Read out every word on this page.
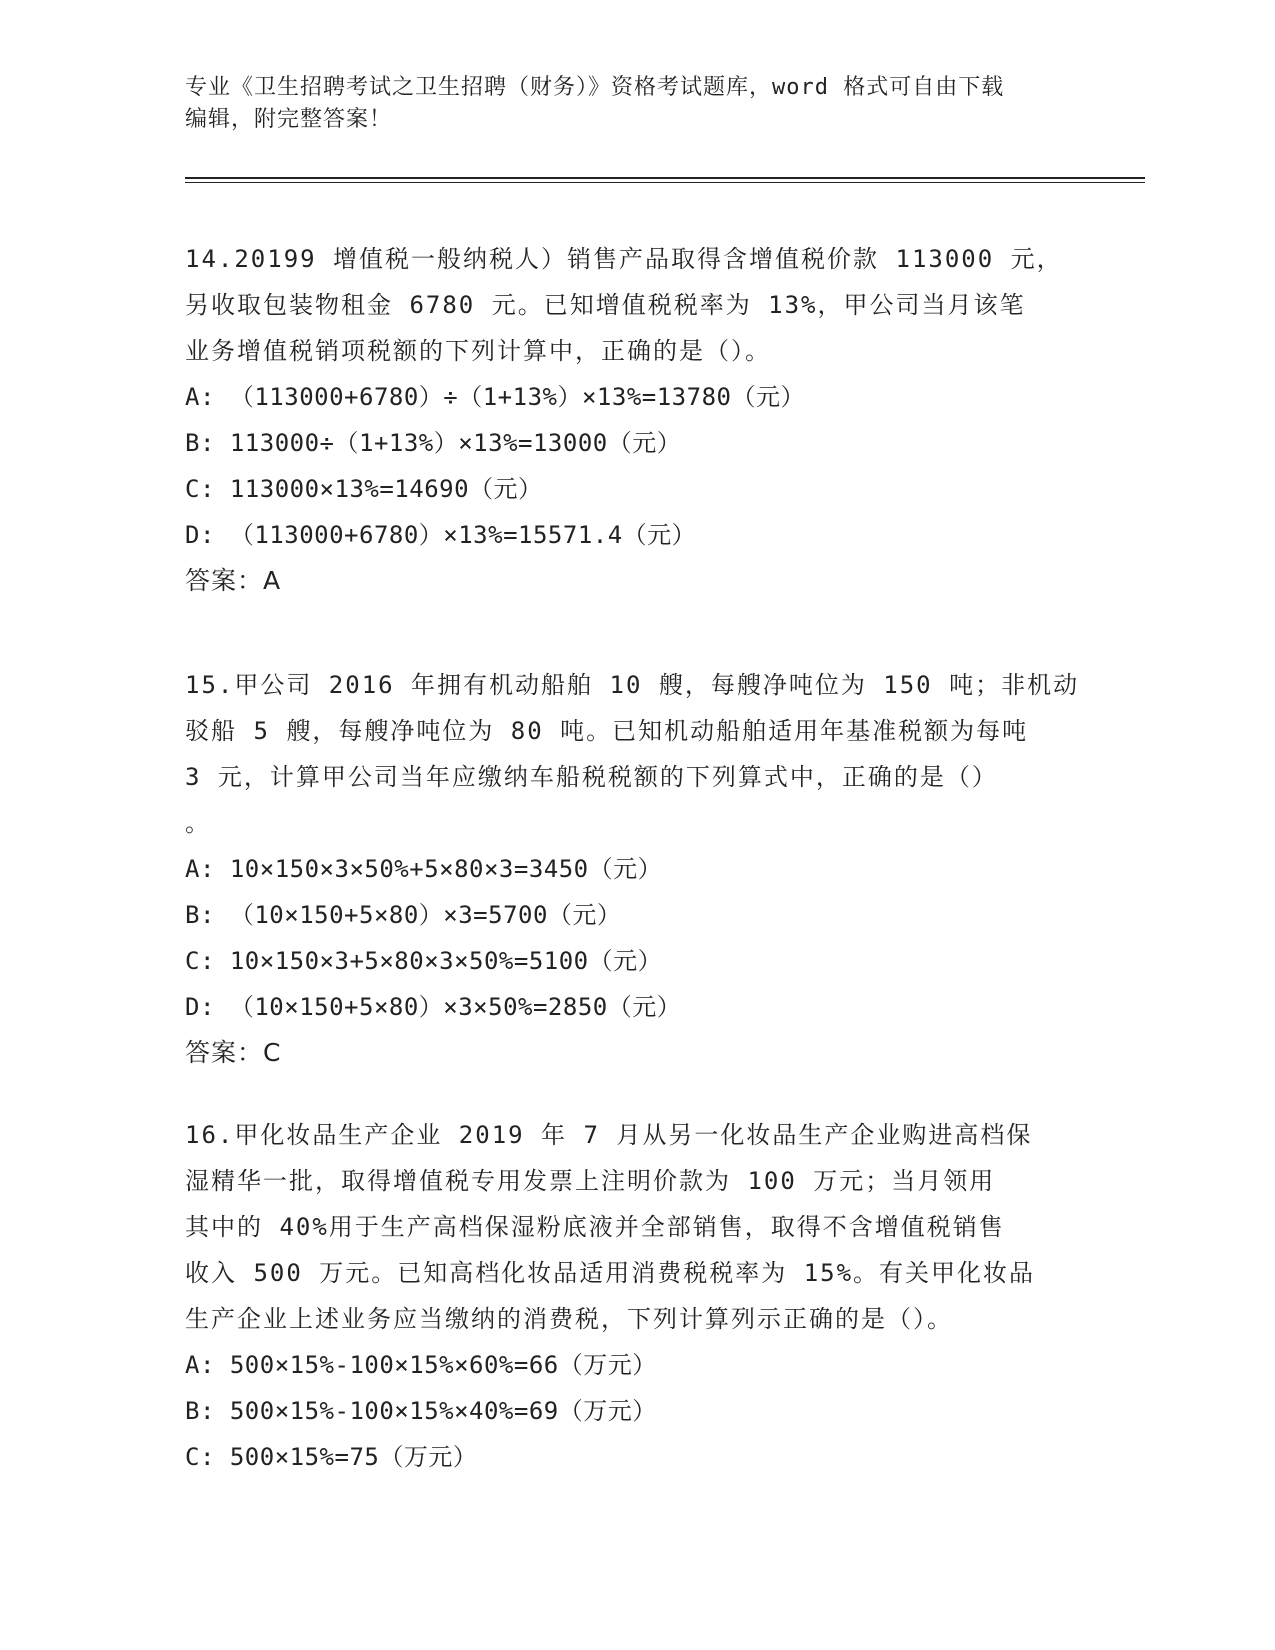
专业《卫生招聘考试之卫生招聘（财务）》资格考试题库，word 格式可自由下载
编辑，附完整答案！
14.20199 增值税一般纳税人）销售产品取得含增值税价款 113000 元，
另收取包装物租金 6780 元。已知增值税税率为 13%，甲公司当月该笔
业务增值税销项税额的下列计算中，正确的是（）。
A: （113000+6780）÷（1+13%）×13%=13780（元）
B: 113000÷（1+13%）×13%=13000（元）
C: 113000×13%=14690（元）
D: （113000+6780）×13%=15571.4（元）
答案：A
15.甲公司 2016 年拥有机动船舶 10 艘，每艘净吨位为 150 吨；非机动
驳船 5 艘，每艘净吨位为 80 吨。已知机动船舶适用年基准税额为每吨
3 元，计算甲公司当年应缴纳车船税税额的下列算式中，正确的是（）
。
A: 10×150×3×50%+5×80×3=3450（元）
B: （10×150+5×80）×3=5700（元）
C: 10×150×3+5×80×3×50%=5100（元）
D: （10×150+5×80）×3×50%=2850（元）
答案：C
16.甲化妆品生产企业 2019 年 7 月从另一化妆品生产企业购进高档保
湿精华一批，取得增值税专用发票上注明价款为 100 万元；当月领用
其中的 40%用于生产高档保湿粉底液并全部销售，取得不含增值税销售
收入 500 万元。已知高档化妆品适用消费税税率为 15%。有关甲化妆品
生产企业上述业务应当缴纳的消费税，下列计算列示正确的是（）。
A: 500×15%-100×15%×60%=66（万元）
B: 500×15%-100×15%×40%=69（万元）
C: 500×15%=75（万元）
